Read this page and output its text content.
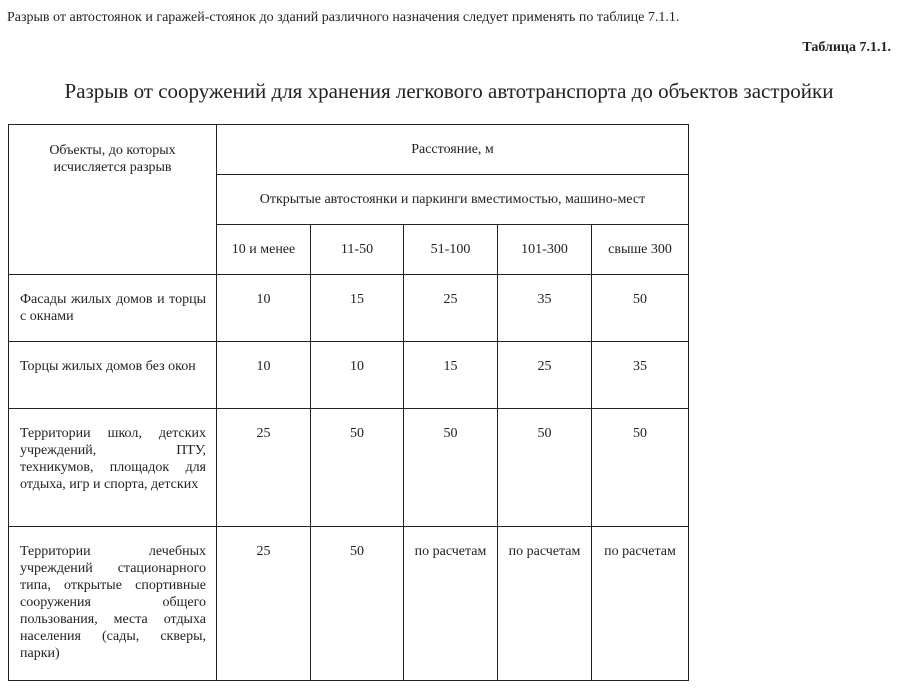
Разрыв от автостоянок и гаражей-стоянок до зданий различного назначения следует применять по таблице 7.1.1.
Таблица 7.1.1.
Разрыв от сооружений для хранения легкового автотранспорта до объектов застройки
Объекты, до которых исчисляется разрыв	Расстояние, м				
	Открытые автостоянки и паркинги вместимостью, машино-мест				
	10 и менее	11-50	51-100	101-300	свыше 300
Фасады жилых домов и торцы с окнами	10	15	25	35	50
Торцы жилых домов без окон	10	10	15	25	35
Территории школ, детских учреждений, ПТУ, техникумов, площадок для отдыха, игр и спорта, детских	25	50	50	50	50
Территории лечебных учреждений стационарного типа, открытые спортивные сооружения общего пользования, места отдыха населения (сады, скверы, парки)	25	50	по расчетам	по расчетам	по расчетам
